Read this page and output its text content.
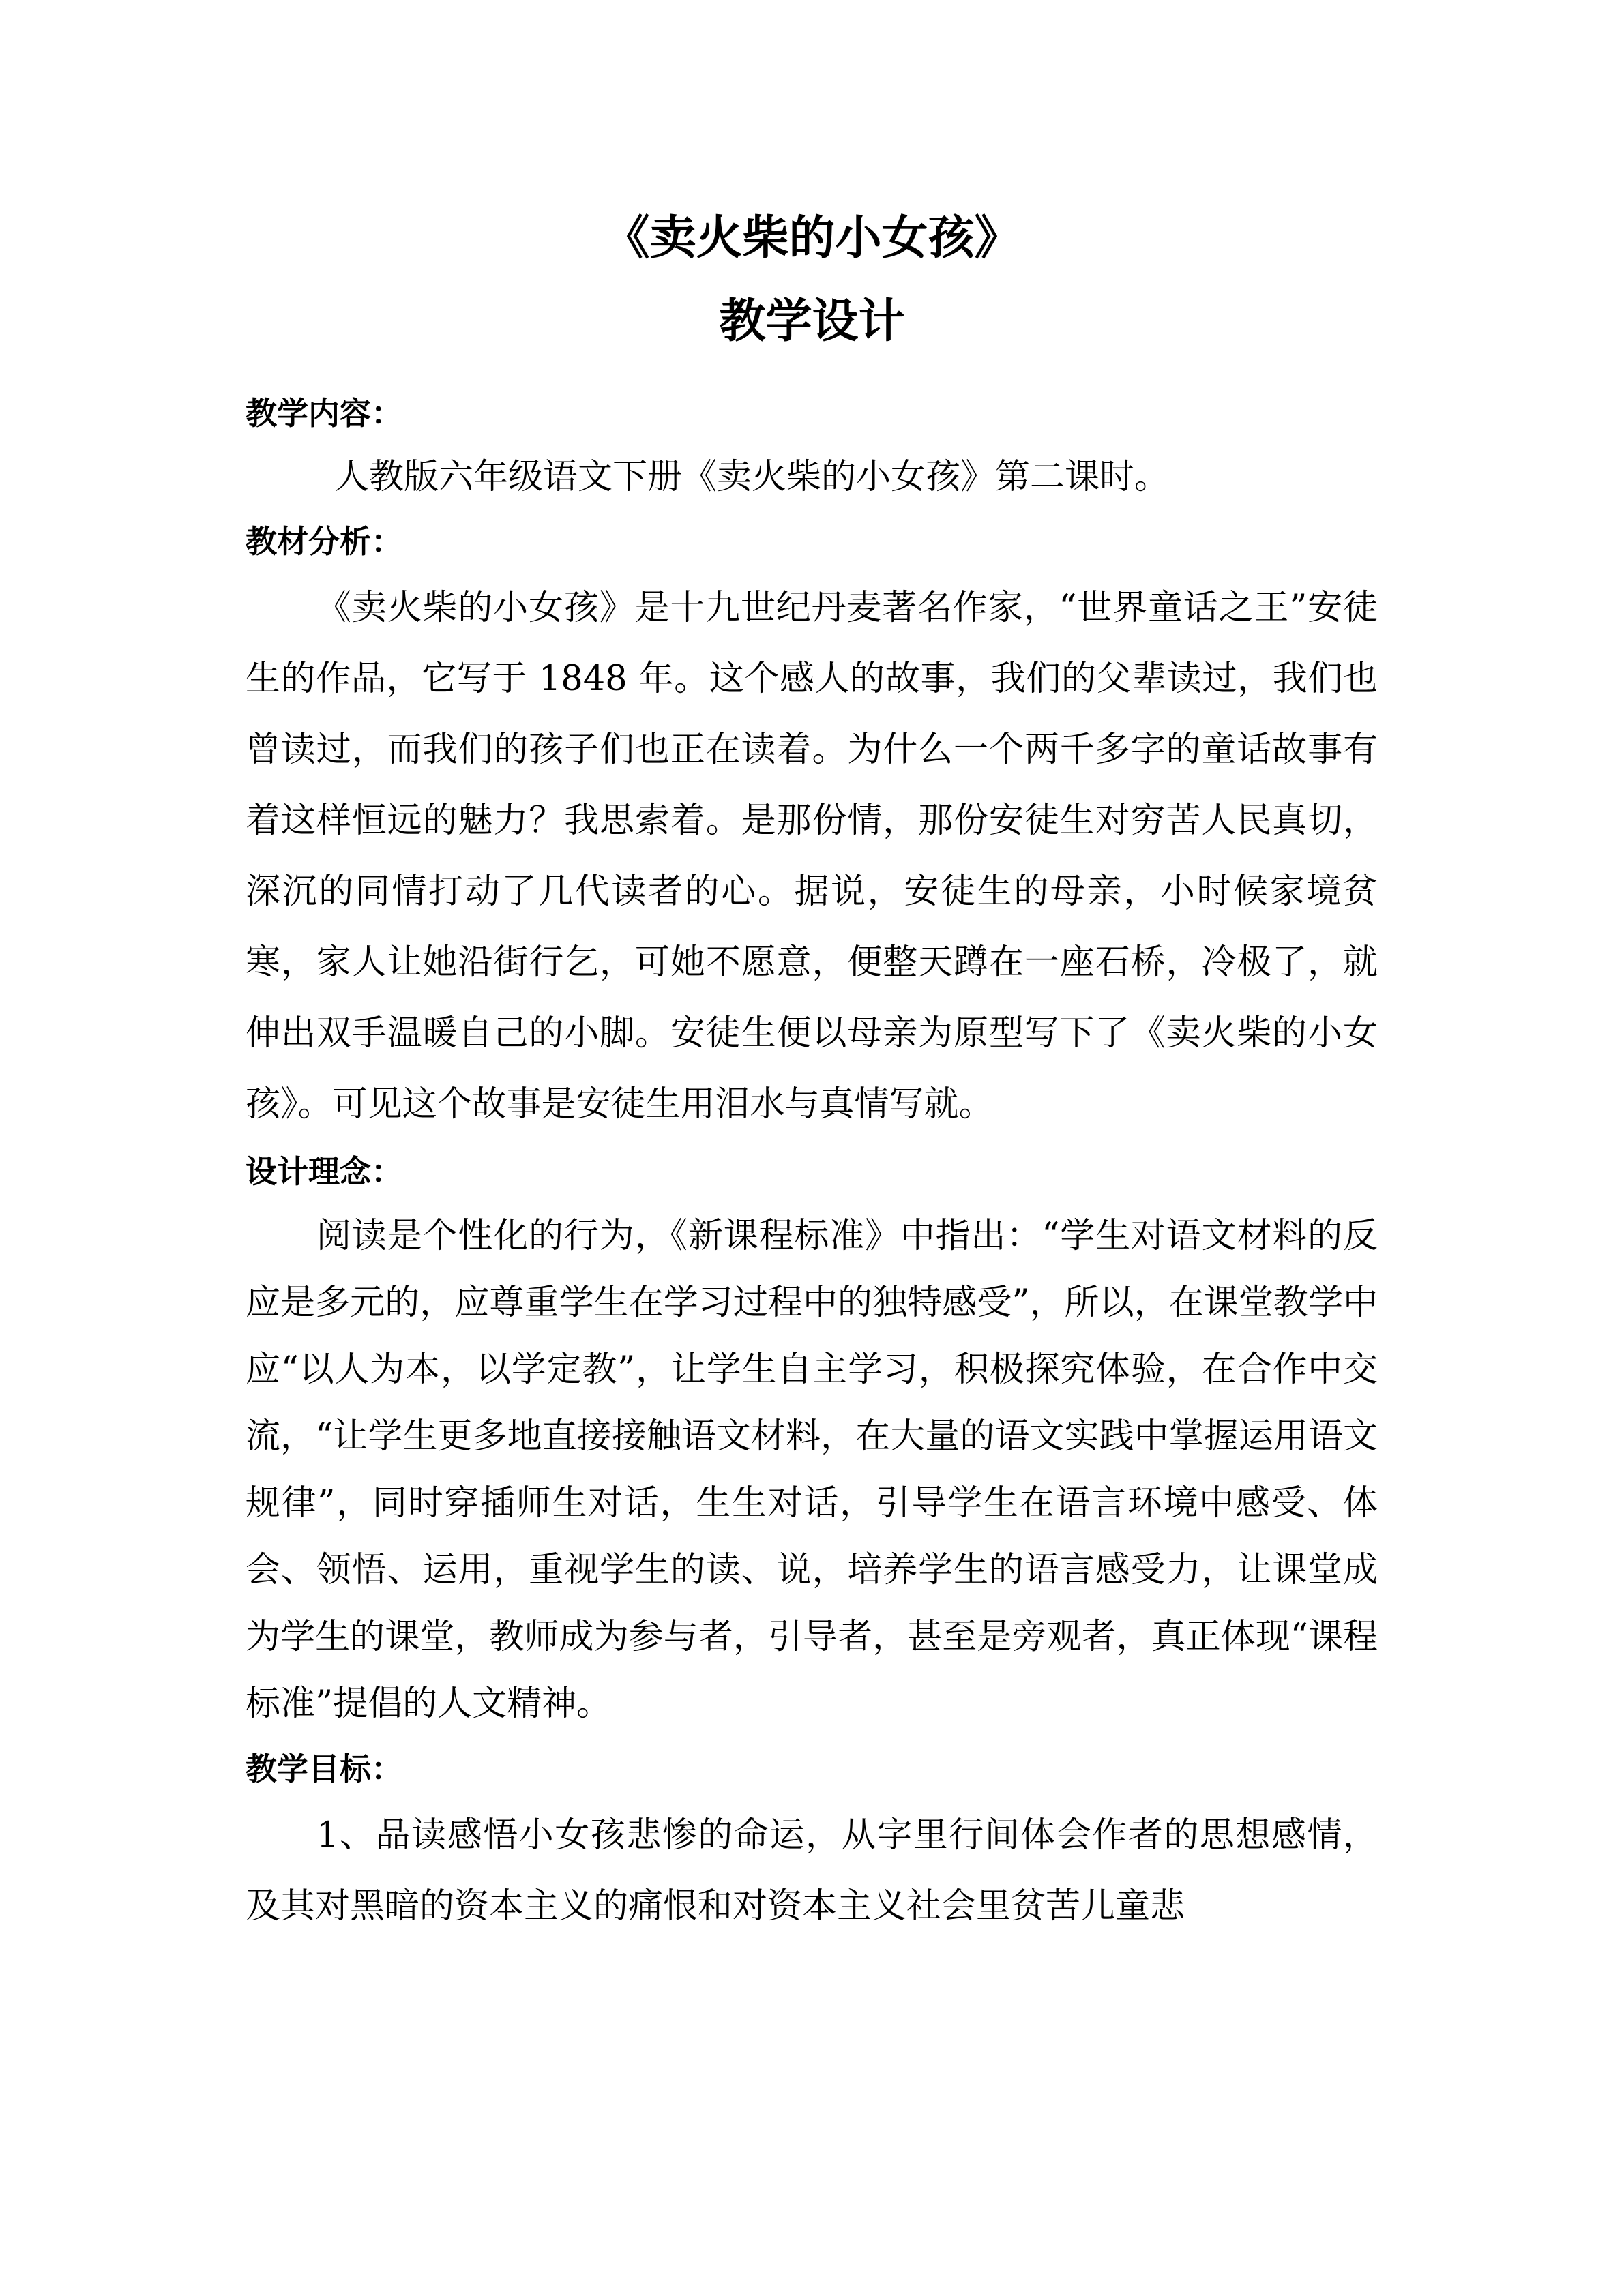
《卖火柴的小女孩》
教学设计
教学内容：

人教版六年级语文下册《卖火柴的小女孩》第二课时。

教材分析：

《卖火柴的小女孩》是十九世纪丹麦著名作家，“世界童话之王”安徒生的作品，它写于 1848 年。这个感人的故事，我们的父辈读过，我们也曾读过，而我们的孩子们也正在读着。为什么一个两千多字的童话故事有着这样恒远的魅力？我思索着。是那份情，那份安徒生对穷苦人民真切，深沉的同情打动了几代读者的心。据说，安徒生的母亲，小时候家境贫寒，家人让她沿街行乞，可她不愿意，便整天蹲在一座石桥，冷极了，就伸出双手温暖自己的小脚。安徒生便以母亲为原型写下了《卖火柴的小女孩》。可见这个故事是安徒生用泪水与真情写就。

设计理念：

阅读是个性化的行为，《新课程标准》中指出：“学生对语文材料的反应是多元的，应尊重学生在学习过程中的独特感受”，所以，在课堂教学中应“以人为本，以学定教”，让学生自主学习，积极探究体验，在合作中交流，“让学生更多地直接接触语文材料，在大量的语文实践中掌握运用语文规律”，同时穿插师生对话，生生对话，引导学生在语言环境中感受、体会、领悟、运用，重视学生的读、说，培养学生的语言感受力，让课堂成为学生的课堂，教师成为参与者，引导者，甚至是旁观者，真正体现“课程标准”提倡的人文精神。

教学目标：

1、品读感悟小女孩悲惨的命运，从字里行间体会作者的思想感情，及其对黑暗的资本主义的痛恨和对资本主义社会里贫苦儿童悲
